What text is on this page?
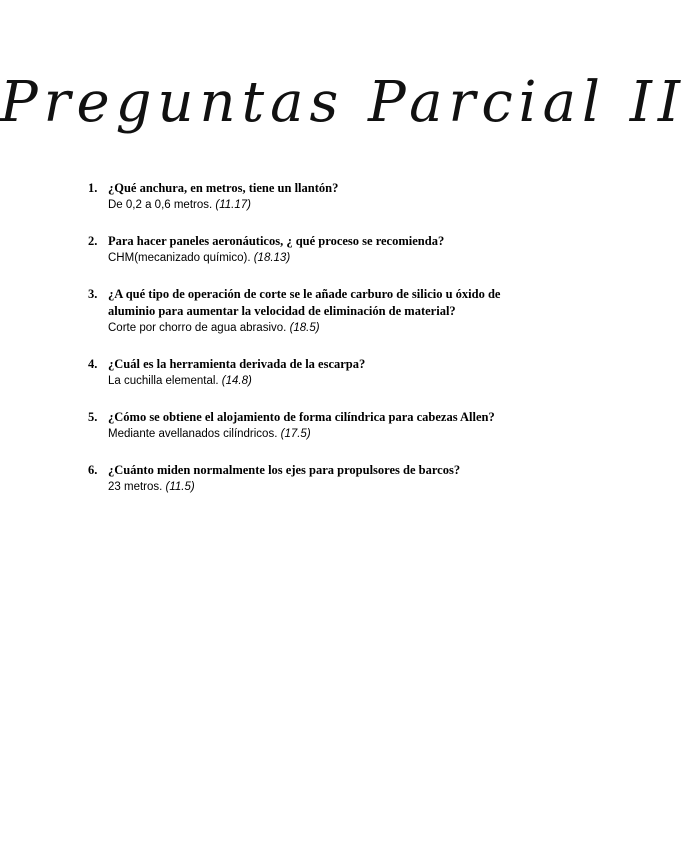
Preguntas Parcial II
1. ¿Qué anchura, en metros, tiene un llantón?

De 0,2 a 0,6 metros. (11.17)

2. Para hacer paneles aeronáuticos, ¿ qué proceso se recomienda?

CHM(mecanizado químico). (18.13)

3. ¿A qué tipo de operación de corte se le añade carburo de silicio u óxido de aluminio para aumentar la velocidad de eliminación de material?

Corte por chorro de agua abrasivo. (18.5)

4. ¿Cuál es la herramienta derivada de la escarpa?

La cuchilla elemental. (14.8)

5. ¿Cómo se obtiene el alojamiento de forma cilíndrica para cabezas Allen?

Mediante avellanados cilíndricos. (17.5)

6. ¿Cuánto miden normalmente los ejes para propulsores de barcos?

23 metros. (11.5)
